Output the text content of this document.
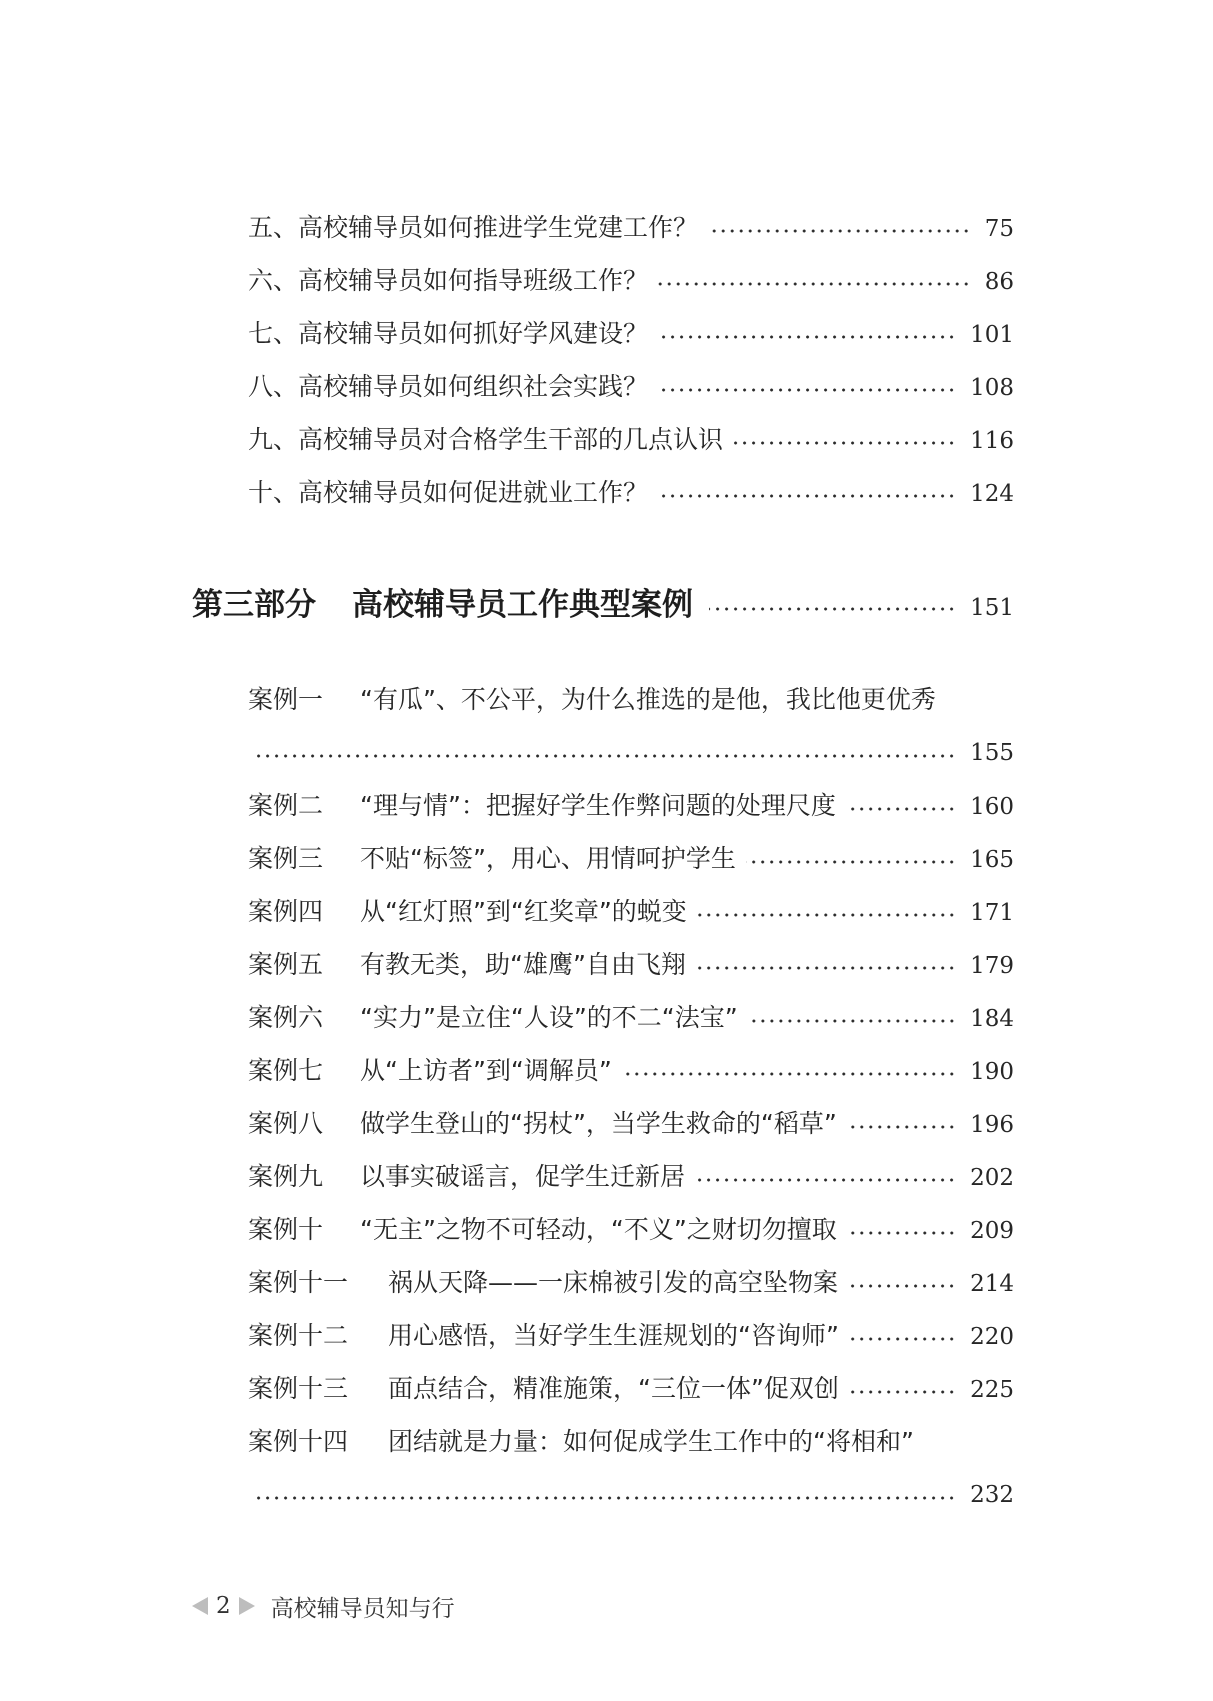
五、高校辅导员如何推进学生党建工作？	75
六、高校辅导员如何指导班级工作？	86
七、高校辅导员如何抓好学风建设？	101
八、高校辅导员如何组织社会实践？	108
九、高校辅导员对合格学生干部的几点认识	116
十、高校辅导员如何促进就业工作？	124
第三部分 高校辅导员工作典型案例	151
案例一 “有瓜”、不公平，为什么推选的是他，我比他更优秀
155
案例二 “理与情”：把握好学生作弊问题的处理尺度	160
案例三 不贴“标签”，用心、用情呵护学生	165
案例四 从“红灯照”到“红奖章”的蜕变	171
案例五 有教无类，助“雄鹰”自由飞翔	179
案例六 “实力”是立住“人设”的不二“法宝”	184
案例七 从“上访者”到“调解员”	190
案例八 做学生登山的“拐杖”，当学生救命的“稻草”	196
案例九 以事实破谣言，促学生迁新居	202
案例十 “无主”之物不可轻动，“不义”之财切勿擅取	209
案例十一 祸从天降——一床棉被引发的高空坠物案	214
案例十二 用心感悟，当好学生生涯规划的“咨询师”	220
案例十三 面点结合，精准施策，“三位一体”促双创	225
案例十四 团结就是力量：如何促成学生工作中的“将相和”
232
2 高校辅导员知与行
